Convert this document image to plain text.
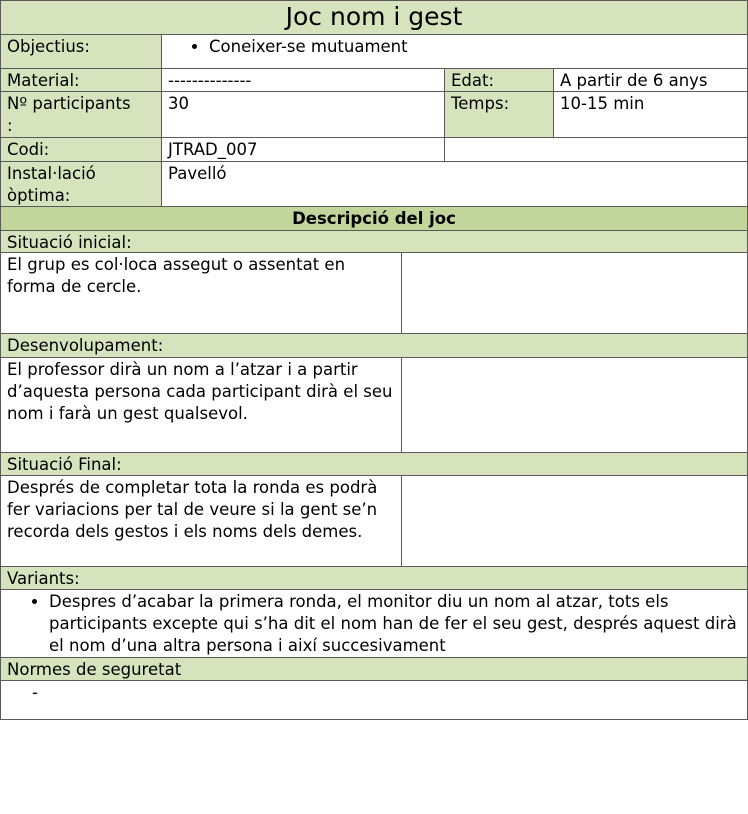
Joc nom i gest
Objectius:
•	Coneixer-se mutuament
Material:	--------------	Edat:	A partir de 6 anys
Nº participants
:
30	Temps:	10-15 min
Codi:	JTRAD_007
Instal·lació
òptima:
Pavelló
Descripció del joc
Situació inicial:
El grup es col·loca assegut o assentat en forma de cercle.
Desenvolupament:
El professor dirà un nom a l’atzar i a partir d’aquesta persona cada participant dirà el seu nom i farà un gest qualsevol.
Situació Final:
Després de completar tota la ronda es podrà fer variacions per tal de veure si la gent se’n recorda dels gestos i els noms dels demes.
Variants:
• Despres d’acabar la primera ronda, el monitor diu un nom al atzar, tots els participants excepte qui s’ha dit el nom han de fer el seu gest, després aquest dirà el nom d’una altra persona i així succesivament
Normes de seguretat
-
